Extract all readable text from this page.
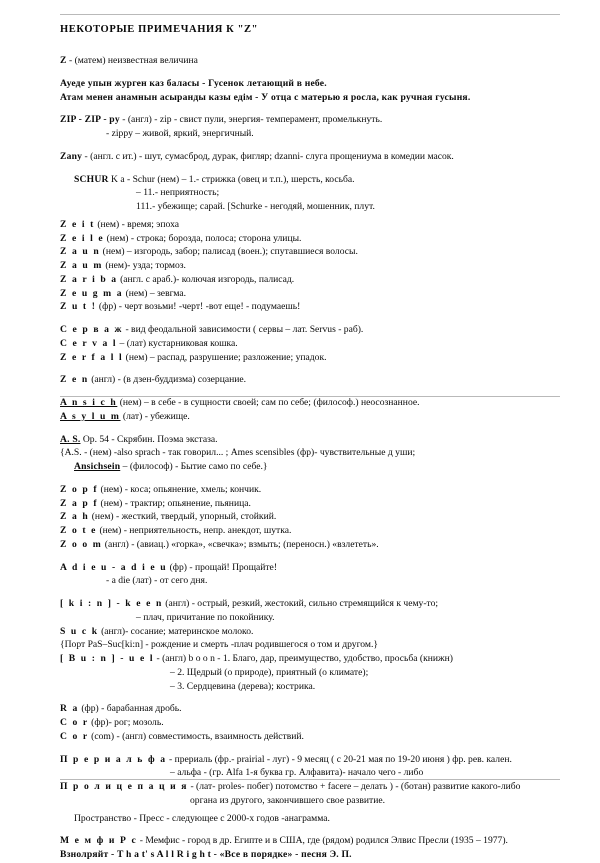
НЕКОТОРЫЕ ПРИМЕЧАНИЯ К "Z"
Z - (матем) неизвестная величина
Ауеде упын журген каз баласы - Гусенок летающий в небе.
Атам менен анамнын асыранды казы едiм - У отца с матерью я росла, как ручная гусыня.
ZIP - ZIP - py - (англ) - zip - свист пули, энергия- темперамент, промелькнуть.
- zippy – живой, яркий, энергичный.
Zany - (англ. с ит.) - шут, сумасброд, дурак, фигляр; dzanni- слуга прощениума в комедии масок.
SCHUR K a - Schur (нем) – 1.- стрижка (овец и т.п.), шерсть, косьба.
– 11.- неприятность;
111.- убежище; сарай. [Schurke - негодяй, мошенник, плут.
Z e i t (нем) - время; эпоха
Z e i l e (нем) - строка; борозда, полоса; сторона улицы.
Z a u n (нем) – изгородь, забор; палисад (воен.); спутавшиеся волосы.
Z a u m (нем)- узда; тормоз.
Z a r i b a (англ. с араб.)- колючая изгородь, палисад.
Z e u g m a (нем) – зевгма.
Z u t ! (фр) - черт возьми! -черт! -вот еще! - подумаешь!
С е р в а ж - вид феодальной зависимости ( сервы – лат. Servus - раб).
C e r v a l – (лат) кустарниковая кошка.
Z e r f a l l (нем) – распад, разрушение; разложение; упадок.
Z e n (англ) - (в дзен-буддизма) созерцание.
A n s i c h (нем) – в себе - в сущности своей; сам по себе; (философ.) неосознанное.
A s y l u m (лат) - убежище.
A. S. Op. 54 - Скрябин. Поэма экстаза.
{A.S. - (нем) -also sprach - так говорил... ; Ames scensibles (фр)- чувствительные д уши;
Ansichsein – (философ) - Бытие само по себе.}
Z o p f (нем) - коса; опьянение, хмель; кончик.
Z a p f (нем) - трактир; опьянение, пьяница.
Z a h (нем) - жесткий, твердый, упорный, стойкий.
Z o t e (нем) - неприятельность, непр. анекдот, шутка.
Z o o m (англ) - (авиац.) «горка», «свечка»; взмыть; (переносн.) «взлететь».
A d i e u - a d i e u (фр) - прощай! Прощайте!
- a die (лат) - от сего дня.
[ k i : n ] - k e e n (англ) - острый, резкий, жестокий, сильно стремящийся к чему-то;
– плач, причитание по покойнику.
S u c k (англ)- сосание; материнское молоко.
{Порт PaS–Suc[ki:n] - рождение и смерть -плач родившегося о том и другом.}
[ B u : n ] - u e l - (англ) b o o n - 1. Благо, дар, преимущество, удобство, просьба (книжн)
– 2. Щедрый (о природе), приятный (о климате);
– 3. Сердцевина (дерева); кострика.
R a (фр) - барабанная дробь.
C o r (фр)- рог; мозоль.
C o r (соm) - (англ) совместимость, взаимность действий.
П р е р и а л ь ф а - прериаль (фр.- prairial - луг) - 9 месяц ( с 20-21 мая по 19-20 июня ) фр. рев. кален.
– альфа - (гр. Alfa 1-я буква гр. Алфавита)- начало чего - либо
П р о л и ц е п а ц и я - (лат- proles- побег) потомство + facere – делать ) - (ботан) развитие какого-либо
органа из другого, закончившего свое развитие.
Пространство - Пресс - следующее с 2000-х годов -анаграмма.
М е м ф и Р с - Мемфис - город в др. Египте и в США, где (рядом) родился Элвис Пресли (1935 – 1977).
Взнолряйт - T h a t' s A l l R i g h t - «Все в порядке» - песня Э. П.
